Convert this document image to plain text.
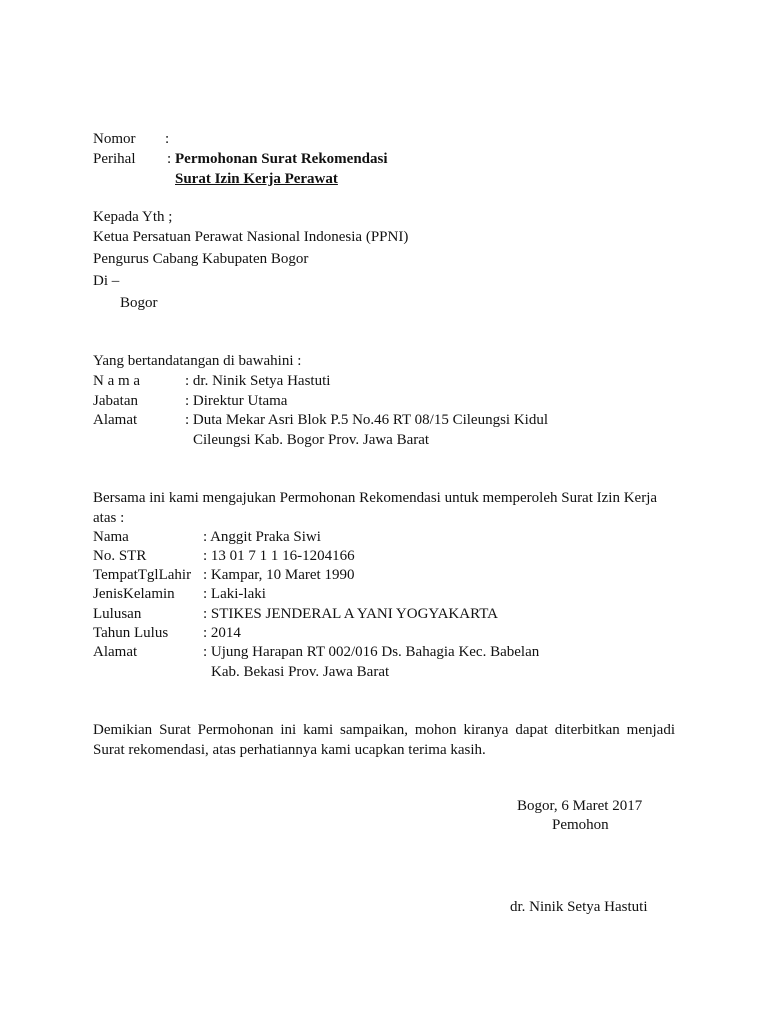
Nomor :
Perihal : Permohonan Surat Rekomendasi
Surat Izin Kerja Perawat
Kepada Yth ;
Ketua Persatuan Perawat Nasional Indonesia (PPNI)
Pengurus Cabang Kabupaten Bogor
Di –
Bogor
Yang bertandatangan di bawahini :
N a m a	: dr. Ninik Setya Hastuti
Jabatan	: Direktur Utama
Alamat	: Duta Mekar Asri Blok P.5 No.46 RT 08/15 Cileungsi Kidul
Cileungsi Kab. Bogor Prov. Jawa Barat
Bersama ini kami mengajukan Permohonan Rekomendasi untuk memperoleh Surat Izin Kerja
atas :
Nama	: Anggit Praka Siwi
No. STR	: 13 01 7 1 1 16-1204166
TempatTglLahir : Kampar, 10 Maret 1990
JenisKelamin : Laki-laki
Lulusan	: STIKES JENDERAL A YANI YOGYAKARTA
Tahun Lulus : 2014
Alamat	: Ujung Harapan RT 002/016 Ds. Bahagia Kec. Babelan
Kab. Bekasi Prov. Jawa Barat
Demikian Surat Permohonan ini kami sampaikan, mohon kiranya dapat diterbitkan menjadi Surat rekomendasi, atas perhatiannya kami ucapkan terima kasih.
Bogor, 6 Maret 2017
Pemohon
dr. Ninik Setya Hastuti
